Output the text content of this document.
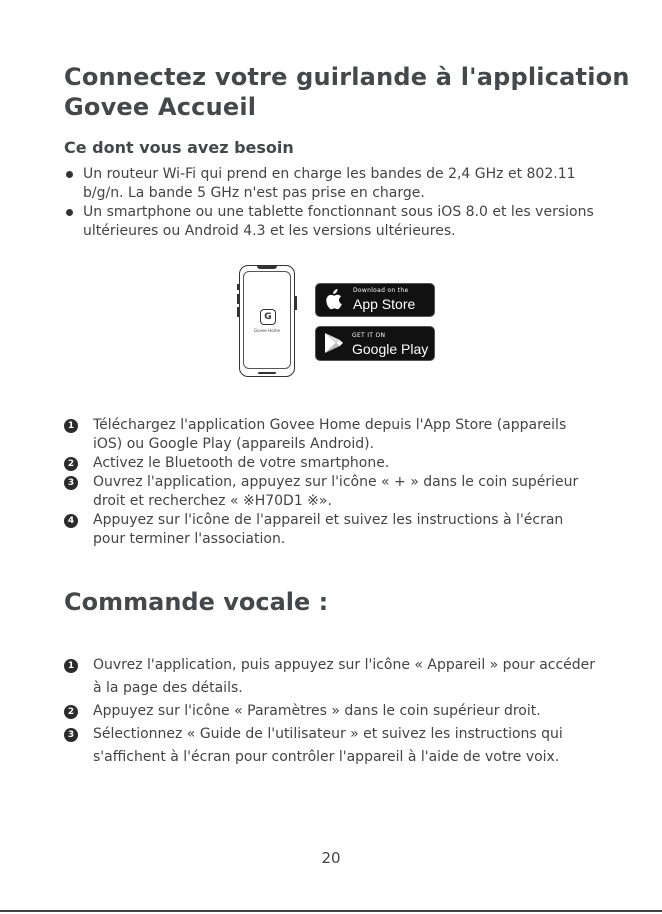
Connectez votre guirlande à l'application
Govee Accueil
Ce dont vous avez besoin
Un routeur Wi-Fi qui prend en charge les bandes de 2,4 GHz et 802.11 b/g/n. La bande 5 GHz n'est pas prise en charge.
Un smartphone ou une tablette fonctionnant sous iOS 8.0 et les versions ultérieures ou Android 4.3 et les versions ultérieures.
G
Govee Home
Download on the
App Store
GET IT ON
Google Play
1 Téléchargez l'application Govee Home depuis l'App Store (appareils iOS) ou Google Play (appareils Android).
2 Activez le Bluetooth de votre smartphone.
3 Ouvrez l'application, appuyez sur l'icône « + » dans le coin supérieur droit et recherchez « ※H70D1 ※».
4 Appuyez sur l'icône de l'appareil et suivez les instructions à l'écran pour terminer l'association.
Commande vocale :
1 Ouvrez l'application, puis appuyez sur l'icône « Appareil » pour accéder à la page des détails.
2 Appuyez sur l'icône « Paramètres » dans le coin supérieur droit.
3 Sélectionnez « Guide de l'utilisateur » et suivez les instructions qui s'affichent à l'écran pour contrôler l'appareil à l'aide de votre voix.
20
